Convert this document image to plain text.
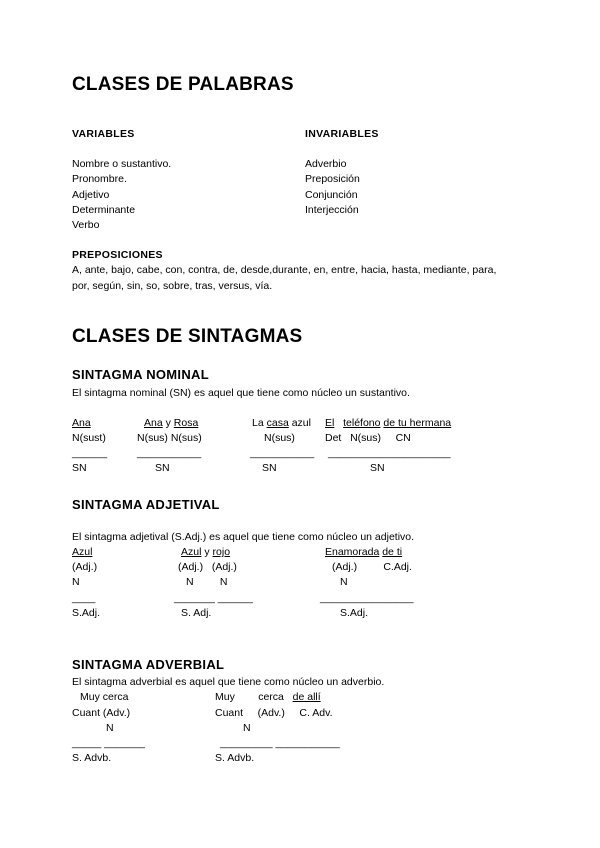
CLASES DE PALABRAS
VARIABLES	INVARIABLES
Nombre o sustantivo.
Pronombre.
Adjetivo
Determinante
Verbo
Adverbio
Preposición
Conjunción
Interjección
PREPOSICIONES
A, ante, bajo, cabe, con, contra, de, desde,durante, en, entre, hacia, hasta, mediante, para,
por, según, sin, so, sobre, tras, versus, vía.
CLASES DE SINTAGMAS
SINTAGMA NOMINAL
El sintagma nominal (SN) es aquel que tiene como núcleo un sustantivo.
Ana
N(sust)
______
SN
Ana y Rosa
N(sus) N(sus)
___________
SN
La casa azul
N(sus)
___________
SN
El teléfono de tu hermana
Det   N(sus)     CN
_____________________
SN
SINTAGMA ADJETIVAL
El sintagma adjetival (S.Adj.) es aquel que tiene como núcleo un adjetivo.
Azul
(Adj.)
N
____
S.Adj.
Azul y rojo
(Adj.)   (Adj.)
N         N
_______ ______
S. Adj.
Enamorada de ti
(Adj.)         C.Adj.
N
________________
S.Adj.
SINTAGMA ADVERBIAL
El sintagma adverbial es aquel que tiene como núcleo un adverbio.
Muy cerca
Cuant (Adv.)
N
_____ _______
S. Advb.
Muy cerca de allí
Cuant     (Adv.)     C. Adv.
N
_________ ___________
S. Advb.
